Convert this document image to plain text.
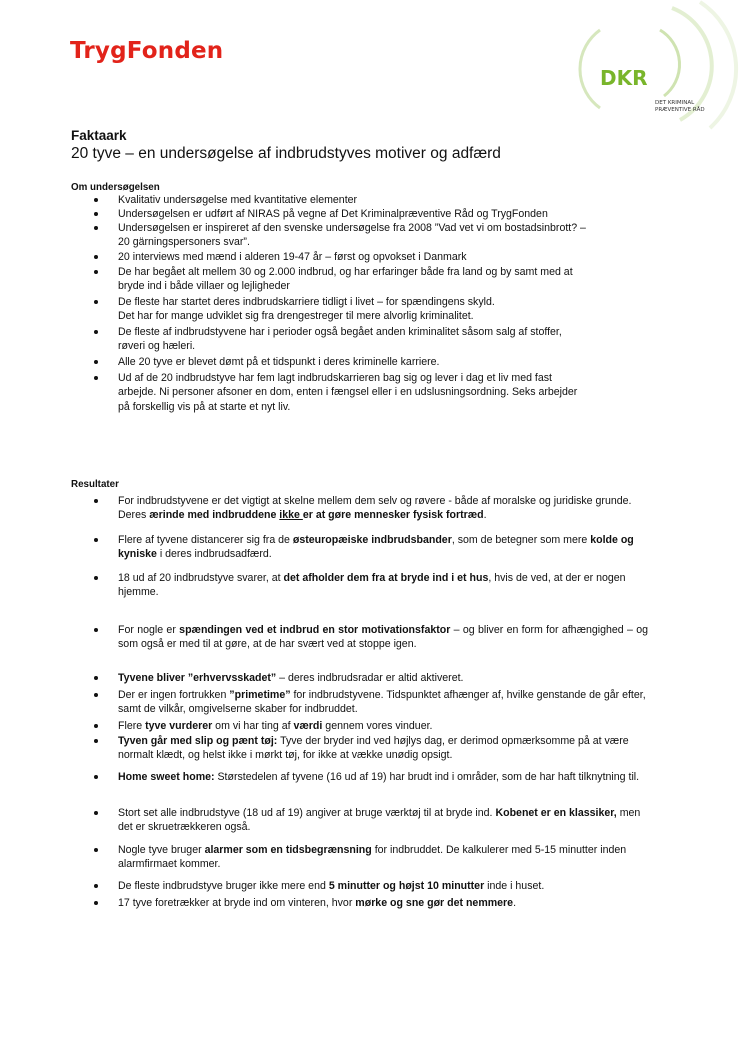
TrygFonden
DKR
DET KRIMINAL
PRÆVENTIVE RÅD
Faktaark
20 tyve – en undersøgelse af indbrudstyves motiver og adfærd
Om undersøgelsen
Kvalitativ undersøgelse med kvantitative elementer
Undersøgelsen er udført af NIRAS på vegne af Det Kriminalpræventive Råd og TrygFonden
Undersøgelsen er inspireret af den svenske undersøgelse fra 2008 ”Vad vet vi om bostadsinbrott? –
20 gärningspersoners svar”.
20 interviews med mænd i alderen 19-47 år – først og opvokset i Danmark
De har begået alt mellem 30 og 2.000 indbrud, og har erfaringer både fra land og by samt med at
bryde ind i både villaer og lejligheder
De fleste har startet deres indbrudskarriere tidligt i livet – for spændingens skyld.
Det har for mange udviklet sig fra drengestreger til mere alvorlig kriminalitet.
De fleste af indbrudstyvene har i perioder også begået anden kriminalitet såsom salg af stoffer,
røveri og hæleri.
Alle 20 tyve er blevet dømt på et tidspunkt i deres kriminelle karriere.
Ud af de 20 indbrudstyve har fem lagt indbrudskarrieren bag sig og lever i dag et liv med fast
arbejde. Ni personer afsoner en dom, enten i fængsel eller i en udslusningsordning. Seks arbejder
på forskellig vis på at starte et nyt liv.
Resultater
For indbrudstyvene er det vigtigt at skelne mellem dem selv og røvere - både af moralske og juridiske grunde. Deres ærinde med indbruddene ikke er at gøre mennesker fysisk fortræd.
Flere af tyvene distancerer sig fra de østeuropæiske indbrudsbander, som de betegner som mere kolde og kyniske i deres indbrudsadfærd.
18 ud af 20 indbrudstyve svarer, at det afholder dem fra at bryde ind i et hus, hvis de ved, at der er nogen hjemme.
For nogle er spændingen ved et indbrud en stor motivationsfaktor – og bliver en form for afhængighed – og som også er med til at gøre, at de har svært ved at stoppe igen.
Tyvene bliver ”erhvervsskadet” – deres indbrudsradar er altid aktiveret.
Der er ingen fortrukken ”primetime” for indbrudstyvene. Tidspunktet afhænger af, hvilke genstande de går efter, samt de vilkår, omgivelserne skaber for indbruddet.
Flere tyve vurderer om vi har ting af værdi gennem vores vinduer.
Tyven går med slip og pænt tøj: Tyve der bryder ind ved højlys dag, er derimod opmærksomme på at være normalt klædt, og helst ikke i mørkt tøj, for ikke at vække unødig opsigt.
Home sweet home: Størstedelen af tyvene (16 ud af 19) har brudt ind i områder, som de har haft tilknytning til.
Stort set alle indbrudstyve (18 ud af 19) angiver at bruge værktøj til at bryde ind. Kobenet er en klassiker, men det er skruetrækkeren også.
Nogle tyve bruger alarmer som en tidsbegrænsning for indbruddet. De kalkulerer med 5-15 minutter inden alarmfirmaet kommer.
De fleste indbrudstyve bruger ikke mere end 5 minutter og højst 10 minutter inde i huset.
17 tyve foretrækker at bryde ind om vinteren, hvor mørke og sne gør det nemmere.
